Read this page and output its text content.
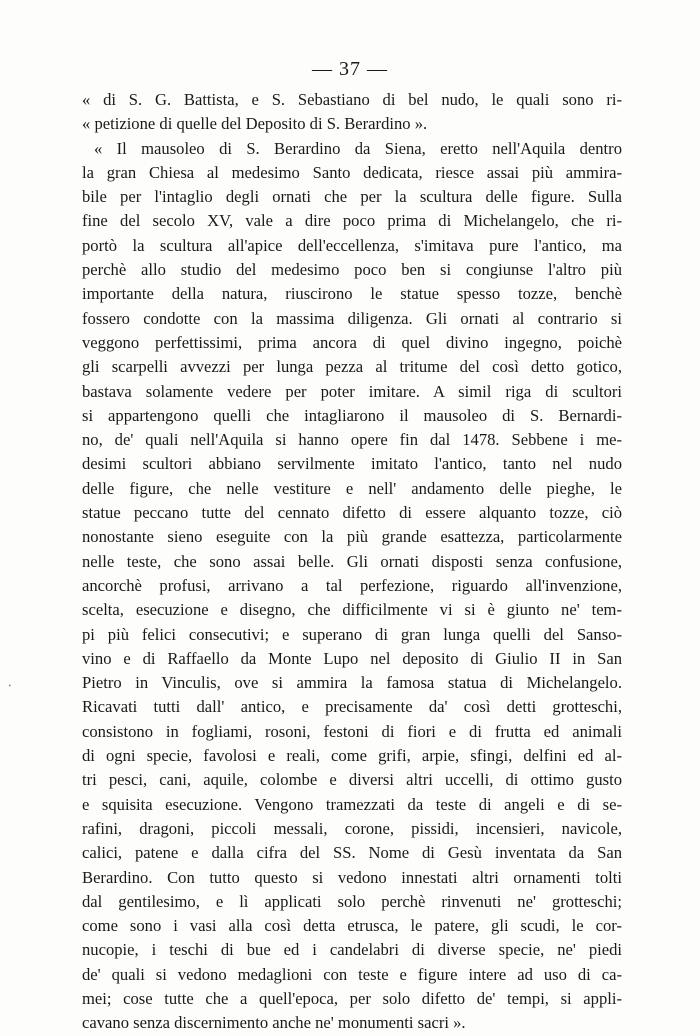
— 37 —
« di S. G. Battista, e S. Sebastiano di bel nudo, le quali sono ri-
« petizione di quelle del Deposito di S. Berardino ».
« Il mausoleo di S. Berardino da Siena, eretto nell'Aquila dentro
la gran Chiesa al medesimo Santo dedicata, riesce assai più ammira-
bile per l'intaglio degli ornati che per la scultura delle figure. Sulla
fine del secolo XV, vale a dire poco prima di Michelangelo, che ri-
portò la scultura all'apice dell'eccellenza, s'imitava pure l'antico, ma
perchè allo studio del medesimo poco ben si congiunse l'altro più
importante della natura, riuscirono le statue spesso tozze, benchè
fossero condotte con la massima diligenza. Gli ornati al contrario si
veggono perfettissimi, prima ancora di quel divino ingegno, poichè
gli scarpelli avvezzi per lunga pezza al tritume del così detto gotico,
bastava solamente vedere per poter imitare. A simil riga di scultori
si appartengono quelli che intagliarono il mausoleo di S. Bernardi-
no, de' quali nell'Aquila si hanno opere fin dal 1478. Sebbene i me-
desimi scultori abbiano servilmente imitato l'antico, tanto nel nudo
delle figure, che nelle vestiture e nell' andamento delle pieghe, le
statue peccano tutte del cennato difetto di essere alquanto tozze, ciò
nonostante sieno eseguite con la più grande esattezza, particolarmente
nelle teste, che sono assai belle. Gli ornati disposti senza confusione,
ancorchè profusi, arrivano a tal perfezione, riguardo all'invenzione,
scelta, esecuzione e disegno, che difficilmente vi si è giunto ne' tem-
pi più felici consecutivi; e superano di gran lunga quelli del Sanso-
vino e di Raffaello da Monte Lupo nel deposito di Giulio II in San
Pietro in Vinculis, ove si ammira la famosa statua di Michelangelo.
Ricavati tutti dall' antico, e precisamente da' così detti grotteschi,
consistono in fogliami, rosoni, festoni di fiori e di frutta ed animali
di ogni specie, favolosi e reali, come grifi, arpie, sfingi, delfini ed al-
tri pesci, cani, aquile, colombe e diversi altri uccelli, di ottimo gusto
e squisita esecuzione. Vengono tramezzati da teste di angeli e di se-
rafini, dragoni, piccoli messali, corone, pissidi, incensieri, navicole,
calici, patene e dalla cifra del SS. Nome di Gesù inventata da San
Berardino. Con tutto questo si vedono innestati altri ornamenti tolti
dal gentilesimo, e lì applicati solo perchè rinvenuti ne' grotteschi;
come sono i vasi alla così detta etrusca, le patere, gli scudi, le cor-
nucopie, i teschi di bue ed i candelabri di diverse specie, ne' piedi
de' quali si vedono medaglioni con teste e figure intere ad uso di ca-
mei; cose tutte che a quell'epoca, per solo difetto de' tempi, si appli-
cavano senza discernimento anche ne' monumenti sacri ».
•
